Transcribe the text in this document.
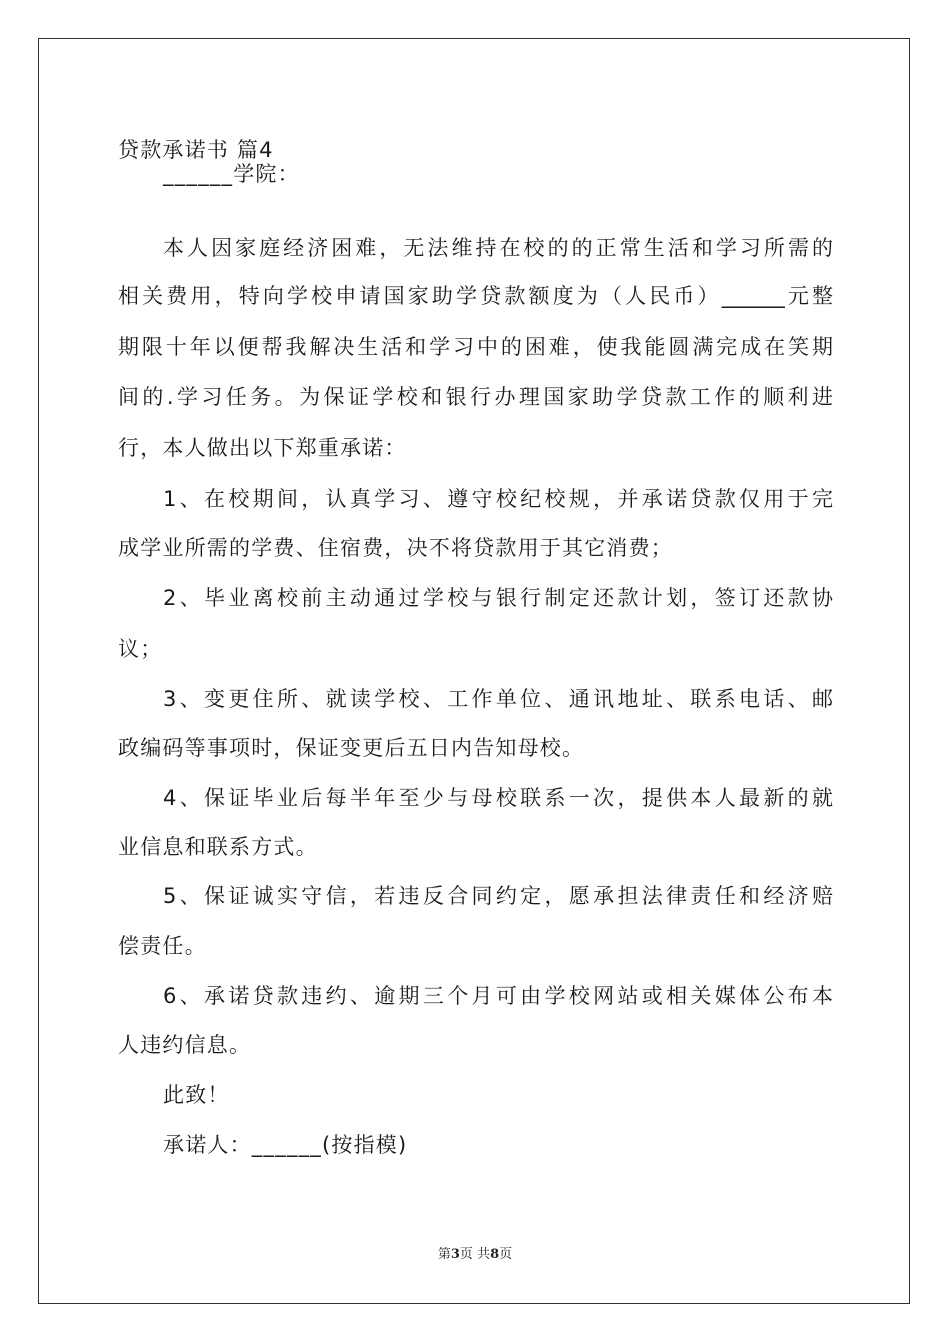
贷款承诺书 篇4
______学院：
本人因家庭经济困难，无法维持在校的的正常生活和学习所需的
相关费用，特向学校申请国家助学贷款额度为（人民币）______元整
期限十年以便帮我解决生活和学习中的困难，使我能圆满完成在笑期
间的.学习任务。为保证学校和银行办理国家助学贷款工作的顺利进
行，本人做出以下郑重承诺：
1、在校期间，认真学习、遵守校纪校规，并承诺贷款仅用于完
成学业所需的学费、住宿费，决不将贷款用于其它消费；
2、毕业离校前主动通过学校与银行制定还款计划，签订还款协
议；
3、变更住所、就读学校、工作单位、通讯地址、联系电话、邮
政编码等事项时，保证变更后五日内告知母校。
4、保证毕业后每半年至少与母校联系一次，提供本人最新的就
业信息和联系方式。
5、保证诚实守信，若违反合同约定，愿承担法律责任和经济赔
偿责任。
6、承诺贷款违约、逾期三个月可由学校网站或相关媒体公布本
人违约信息。
此致！
承诺人：______(按指模)
第3页 共8页
